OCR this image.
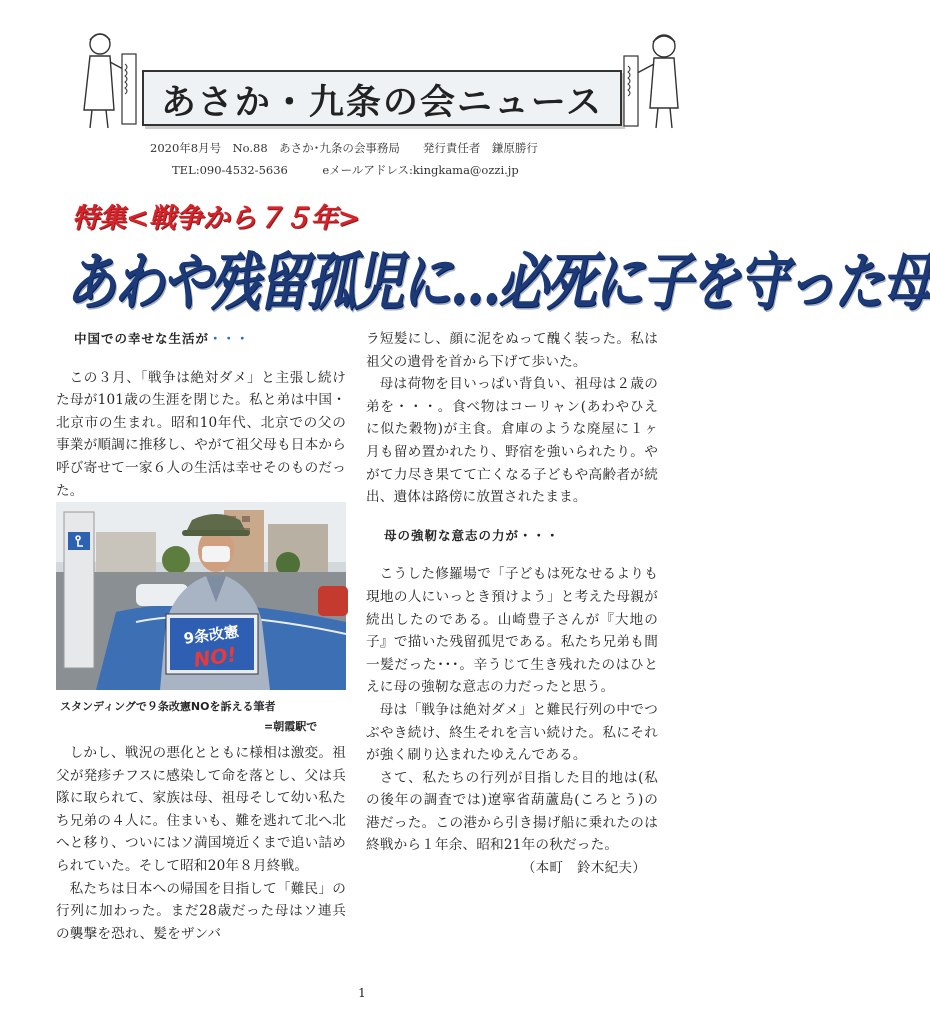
あさか・九条の会ニュース
2020年8月号　No.88　あさか･九条の会事務局　　発行責任者　鎌原勝行
TEL:090-4532-5636　　　eメールアドレス:kingkama@ozzi.jp
特集<戦争から７５年>
あわや残留孤児に…必死に子を守った母
中国での幸せな生活が・・・

この３月、「戦争は絶対ダメ」と主張し続けた母が101歳の生涯を閉じた。私と弟は中国・北京市の生まれ。昭和10年代、北京での父の事業が順調に推移し、やがて祖父母も日本から呼び寄せて一家６人の生活は幸せそのものだった。

9条改憲
NO!
スタンディングで９条改憲NOを訴える筆者
=朝霞駅で

しかし、戦況の悪化とともに様相は激変。祖父が発疹チフスに感染して命を落とし、父は兵隊に取られて、家族は母、祖母そして幼い私たち兄弟の４人に。住まいも、難を逃れて北へ北へと移り、ついにはソ満国境近くまで追い詰められていた。そして昭和20年８月終戦。

私たちは日本への帰国を目指して「難民」の行列に加わった。まだ28歳だった母はソ連兵の襲撃を恐れ、髪をザンバ

ラ短髪にし、顔に泥をぬって醜く装った。私は祖父の遺骨を首から下げて歩いた。

母は荷物を目いっぱい背負い、祖母は２歳の弟を・・・。食べ物はコーリャン(あわやひえに似た穀物)が主食。倉庫のような廃屋に１ヶ月も留め置かれたり、野宿を強いられたり。やがて力尽き果てて亡くなる子どもや高齢者が続出、遺体は路傍に放置されたまま。

母の強靭な意志の力が・・・

こうした修羅場で「子どもは死なせるよりも現地の人にいっとき預けよう」と考えた母親が続出したのである。山崎豊子さんが『大地の子』で描いた残留孤児である。私たち兄弟も間一髪だった･･･。辛うじて生き残れたのはひとえに母の強靭な意志の力だったと思う。

母は「戦争は絶対ダメ」と難民行列の中でつぶやき続け、終生それを言い続けた。私にそれが強く刷り込まれたゆえんである。

さて、私たちの行列が目指した目的地は(私の後年の調査では)遼寧省葫蘆島(ころとう)の港だった。この港から引き揚げ船に乗れたのは終戦から１年余、昭和21年の秋だった。

（本町　鈴木紀夫）
1
